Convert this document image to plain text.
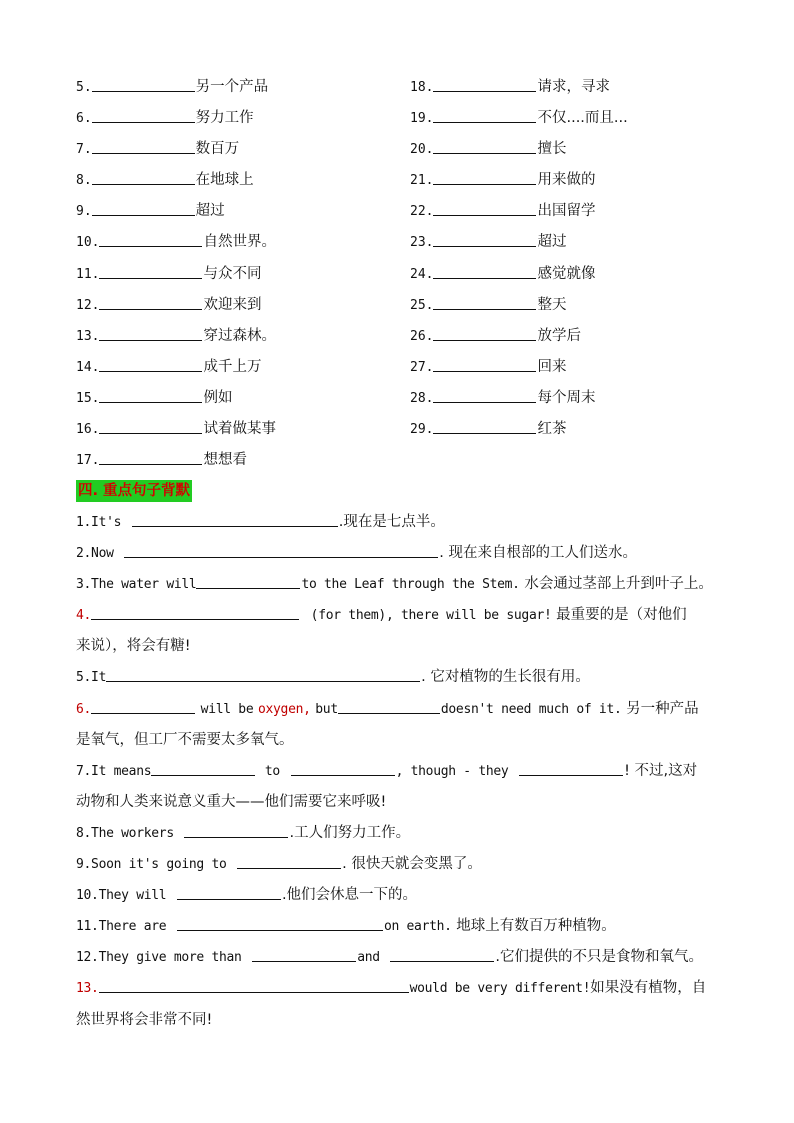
5.	另一个产品
6.	努力工作
7.	数百万
8.	在地球上
9.	超过
10.	自然世界。
11.	与众不同
12.	欢迎来到
13.	穿过森林。
14.	成千上万
15.	例如
16.	试着做某事
17.	想想看
18.	请求，寻求
19.	不仅....而且...
20.	擅长
21.	用来做的
22.	出国留学
23.	超过
24.	感觉就像
25.	整天
26.	放学后
27.	回来
28.	每个周末
29.	红茶
四. 重点句子背默
1.It's	.现在是七点半。
2.Now	. 现在来自根部的工人们送水。
3.The water will	to the Leaf through the Stem. 水会通过茎部上升到叶子上。
4.	(for them), there will be sugar! 最重要的是（对他们
来说），将会有糖!
5.It	. 它对植物的生长很有用。
6.	will be oxygen, but	doesn't need much of it. 另一种产品
是氧气，但工厂不需要太多氧气。
7.It means	to	, though - they	! 不过,这对
动物和人类来说意义重大——他们需要它来呼吸!
8.The workers	.工人们努力工作。
9.Soon it's going to	. 很快天就会变黑了。
10.They will	.他们会休息一下的。
11.There are	on earth. 地球上有数百万种植物。
12.They give more than	and	.它们提供的不只是食物和氧气。
13.	would be very different!如果没有植物，自
然世界将会非常不同!
